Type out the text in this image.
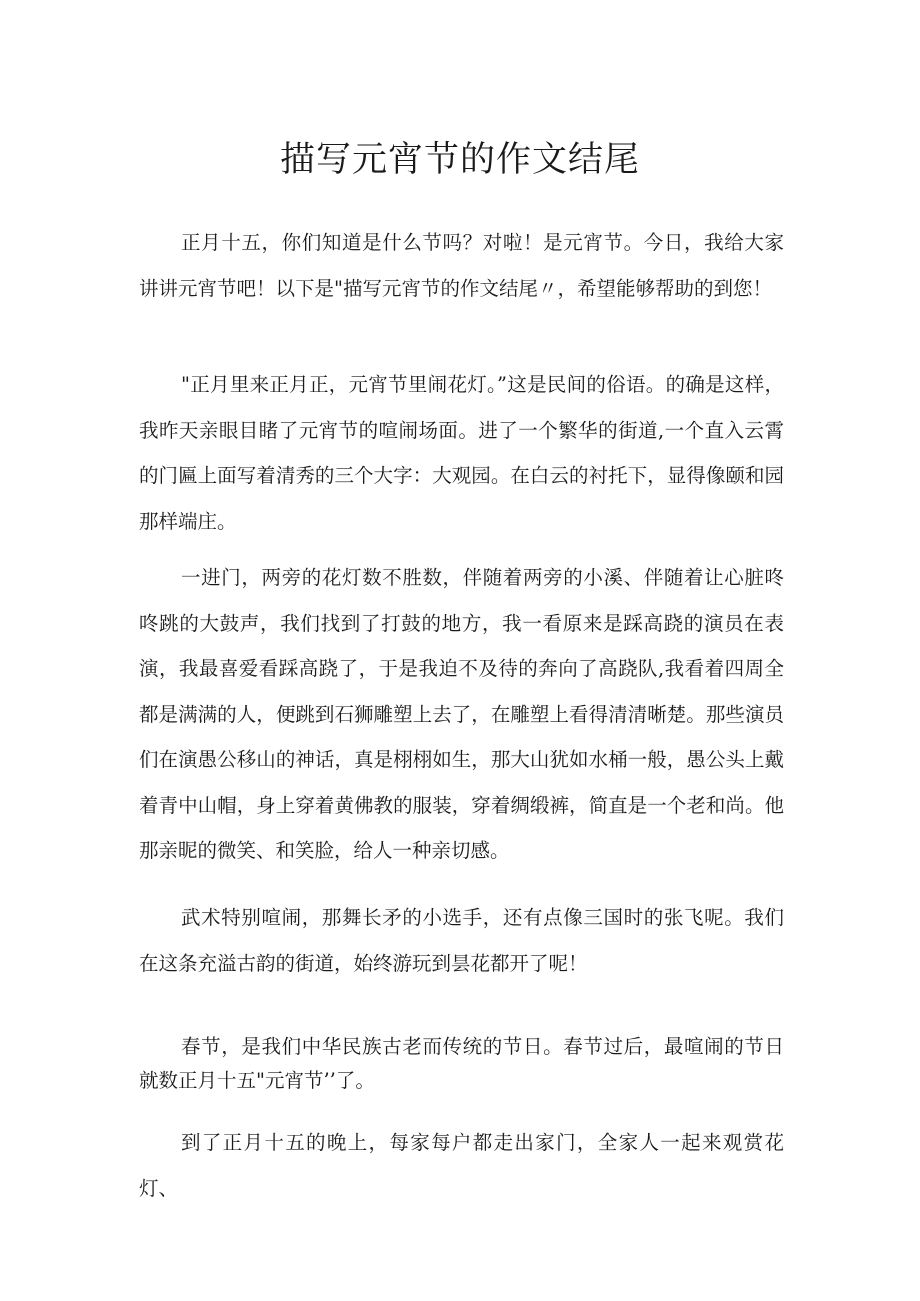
描写元宵节的作文结尾

正月十五，你们知道是什么节吗？对啦！是元宵节。今日，我给大家讲讲元宵节吧！以下是"描写元宵节的作文结尾〃，希望能够帮助的到您！

"正月里来正月正，元宵节里闹花灯。”这是民间的俗语。的确是这样，我昨天亲眼目睹了元宵节的喧闹场面。进了一个繁华的街道,一个直入云霄的门匾上面写着清秀的三个大字：大观园。在白云的衬托下，显得像颐和园那样端庄。

一进门，两旁的花灯数不胜数，伴随着两旁的小溪、伴随着让心脏咚咚跳的大鼓声，我们找到了打鼓的地方，我一看原来是踩高跷的演员在表演，我最喜爱看踩高跷了，于是我迫不及待的奔向了高跷队,我看着四周全都是满满的人，便跳到石狮雕塑上去了，在雕塑上看得清清晰楚。那些演员们在演愚公移山的神话，真是栩栩如生，那大山犹如水桶一般，愚公头上戴着青中山帽，身上穿着黄佛教的服装，穿着绸缎裤，简直是一个老和尚。他那亲昵的微笑、和笑脸，给人一种亲切感。

武术特别喧闹，那舞长矛的小选手，还有点像三国时的张飞呢。我们在这条充溢古韵的街道，始终游玩到昙花都开了呢！

春节，是我们中华民族古老而传统的节日。春节过后，最喧闹的节日就数正月十五"元宵节’’了。

到了正月十五的晚上，每家每户都走出家门，全家人一起来观赏花灯、
